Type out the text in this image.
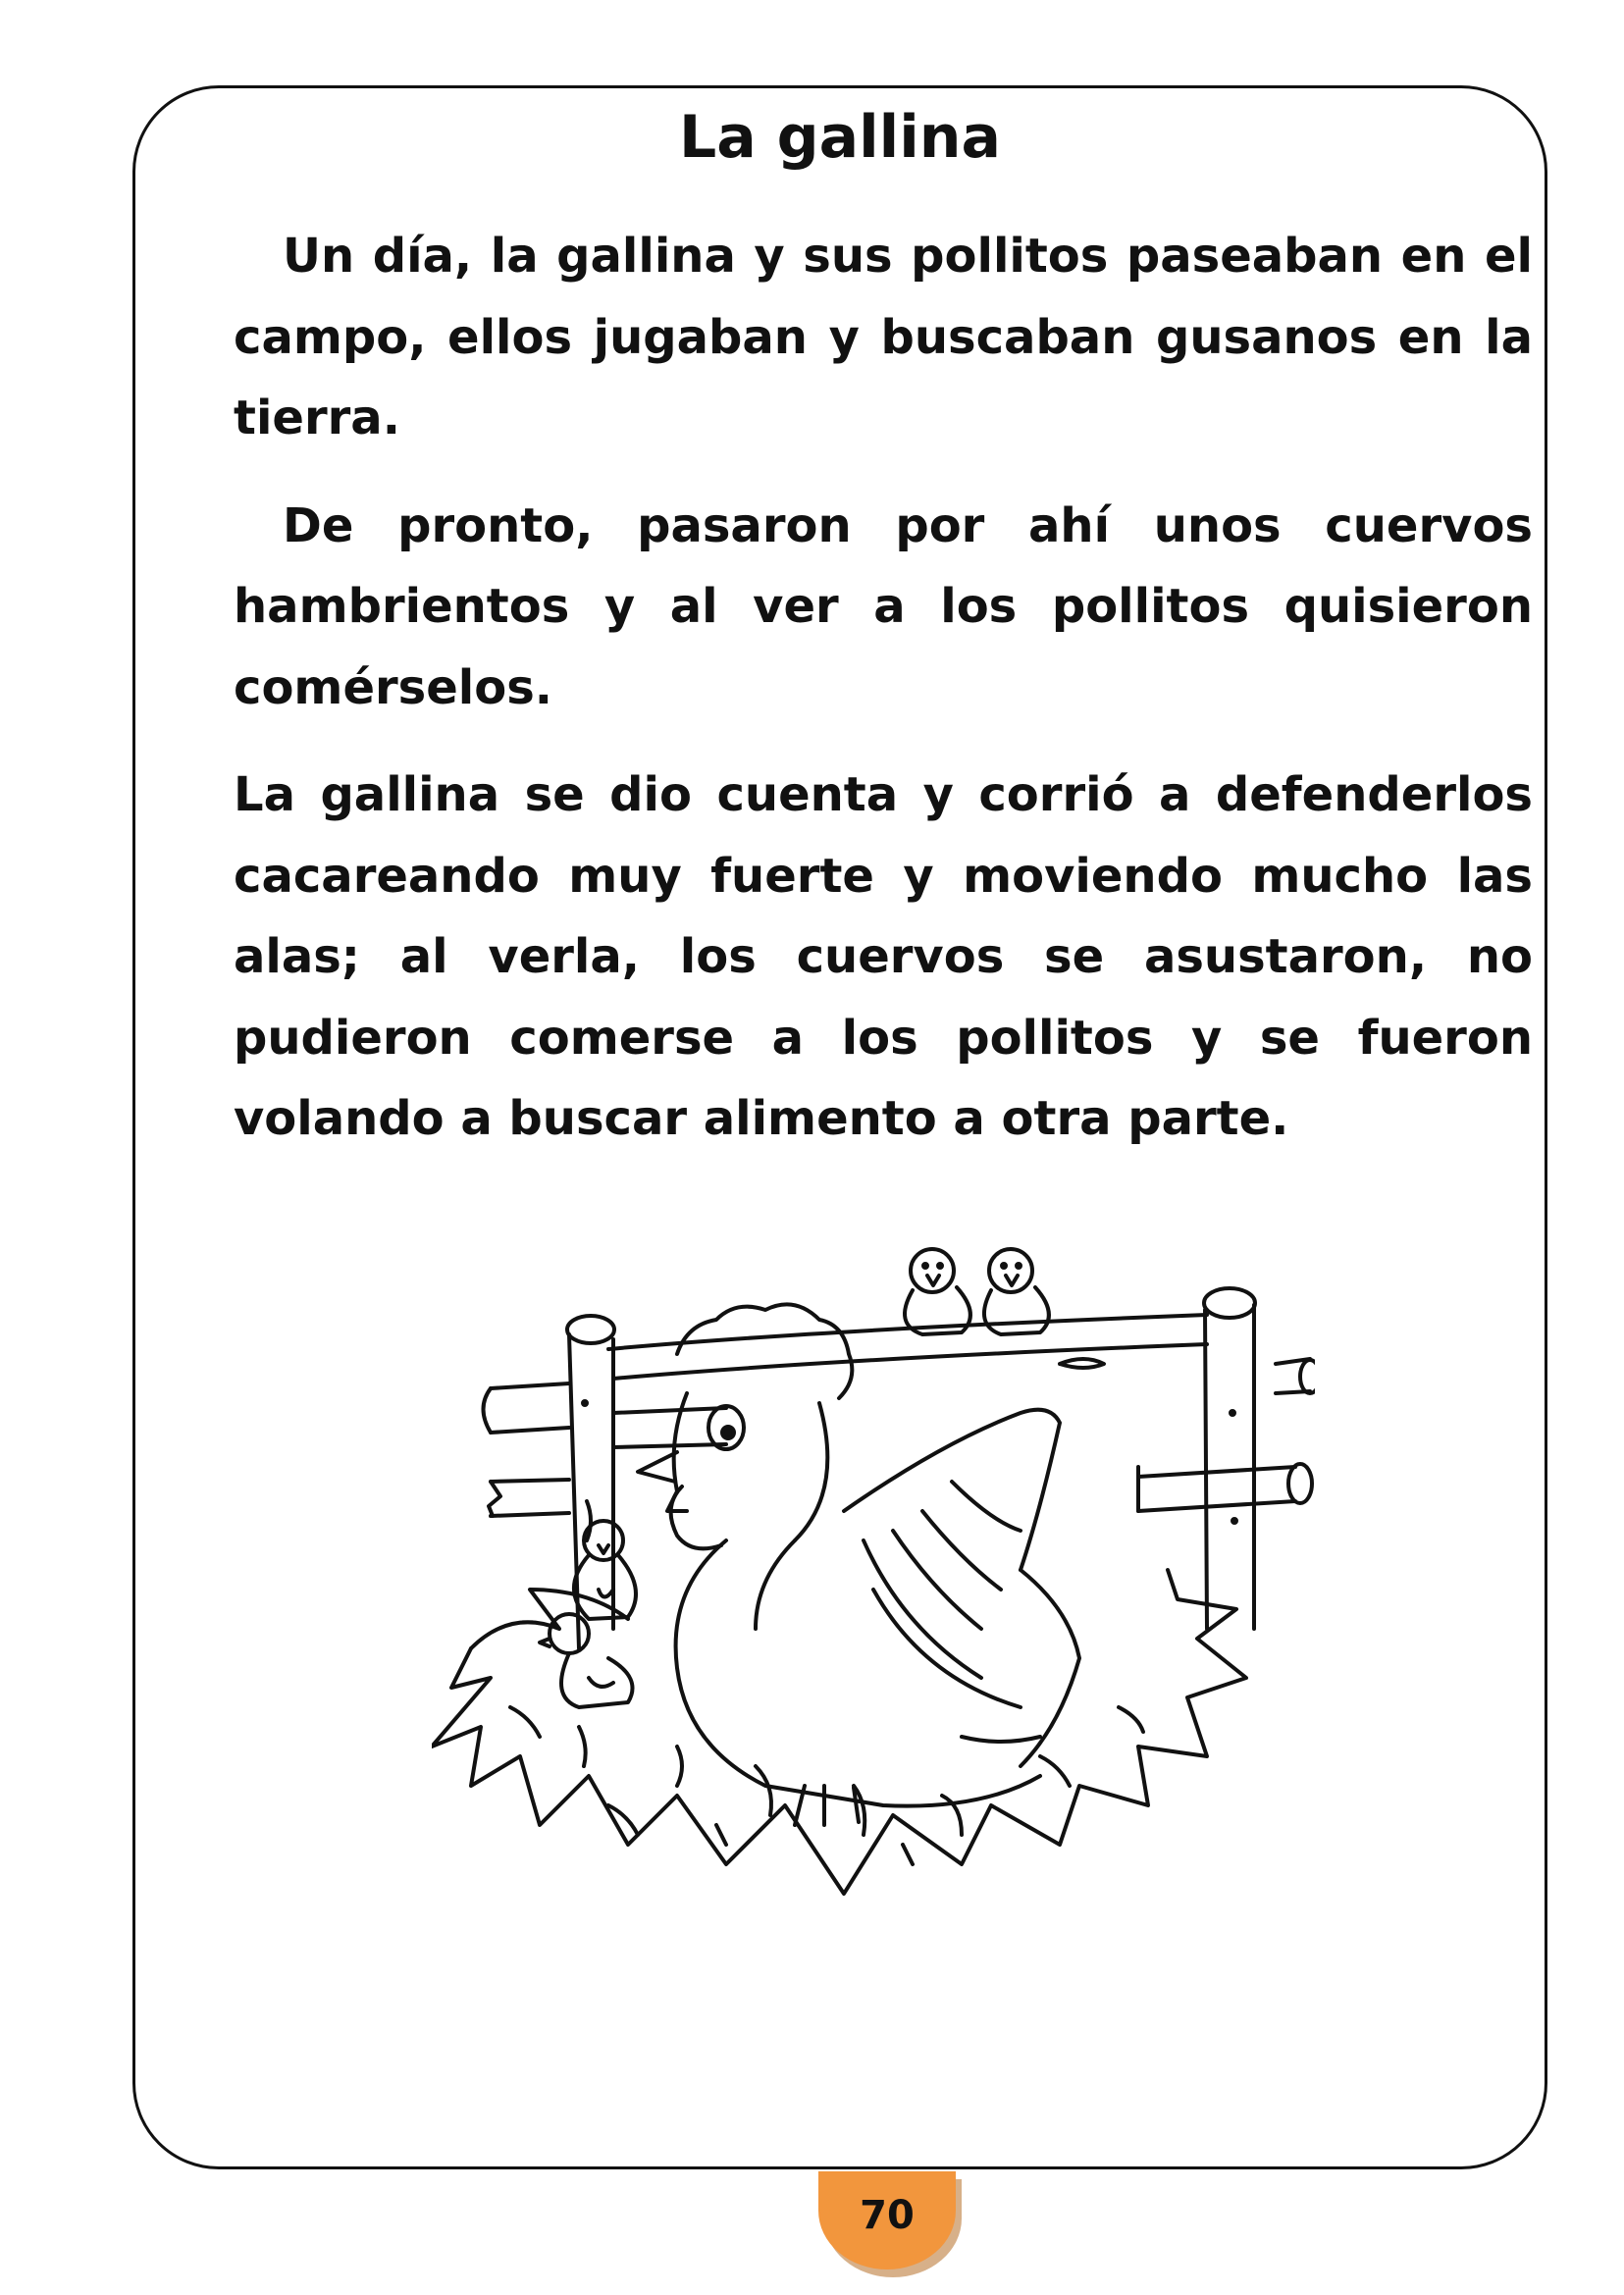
La gallina

Un día, la gallina y sus pollitos paseaban en el campo, ellos jugaban y buscaban gusanos en la tierra.

De pronto, pasaron por ahí unos cuervos hambrientos y al ver a los pollitos quisieron comérselos.

La gallina se dio cuenta y corrió a defenderlos cacareando muy fuerte y moviendo mucho las alas; al verla, los cuervos se asustaron, no pudieron comerse a los pollitos y se fueron volando a buscar alimento a otra parte.

70
